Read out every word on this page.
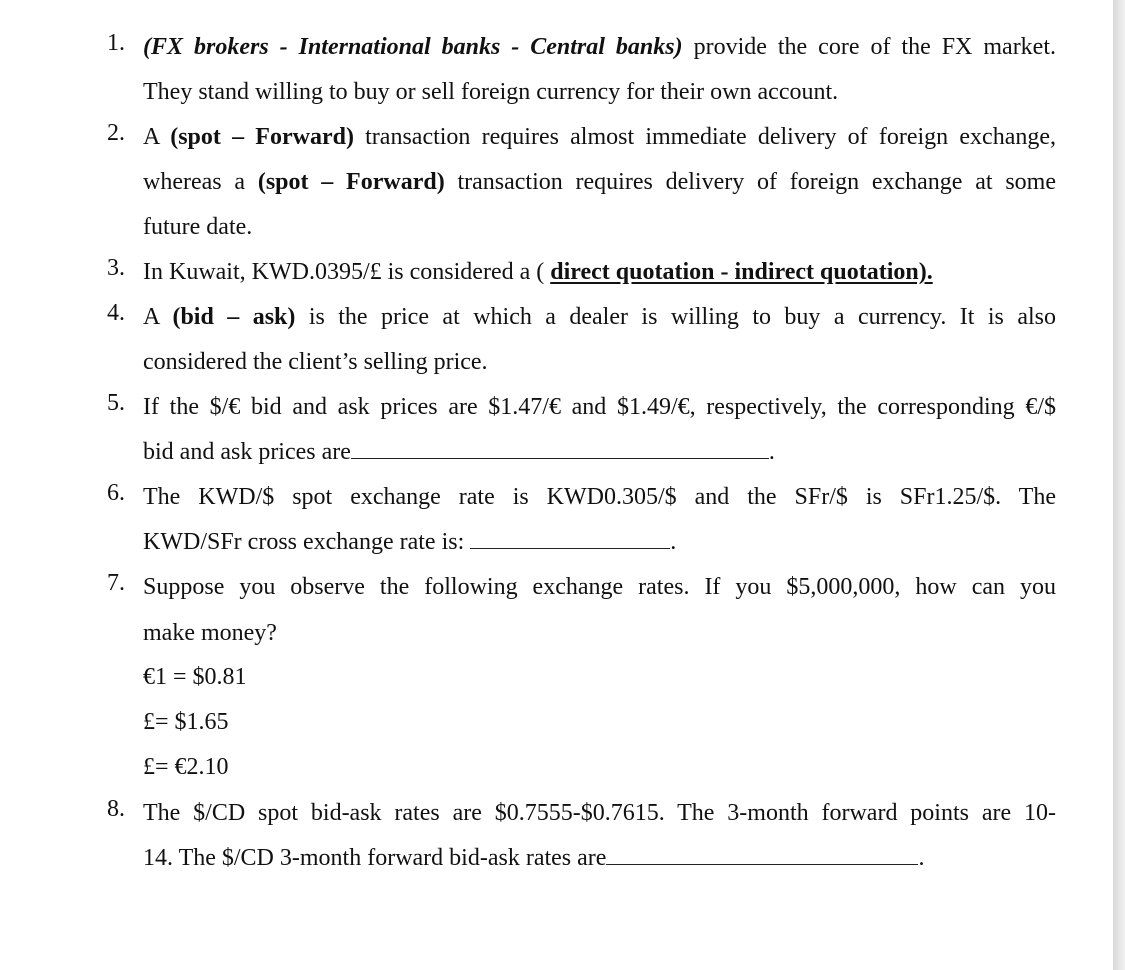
1. (FX brokers - International banks - Central banks) provide the core of the FX market.
They stand willing to buy or sell foreign currency for their own account.
2. A (spot – Forward) transaction requires almost immediate delivery of foreign exchange,
whereas a (spot – Forward) transaction requires delivery of foreign exchange at some
future date.
3. In Kuwait, KWD.0395/£ is considered a ( direct quotation - indirect quotation).
4. A (bid – ask) is the price at which a dealer is willing to buy a currency. It is also
considered the client’s selling price.
5. If the $/€ bid and ask prices are $1.47/€ and $1.49/€, respectively, the corresponding €/$
bid and ask prices are	.
6. The KWD/$ spot exchange rate is KWD0.305/$ and the SFr/$ is SFr1.25/$. The
KWD/SFr cross exchange rate is:	.
7. Suppose you observe the following exchange rates. If you $5,000,000, how can you
make money?
€1 = $0.81
£= $1.65
£= €2.10
8. The $/CD spot bid-ask rates are $0.7555-$0.7615. The 3-month forward points are 10-
14. The $/CD 3-month forward bid-ask rates are	.
